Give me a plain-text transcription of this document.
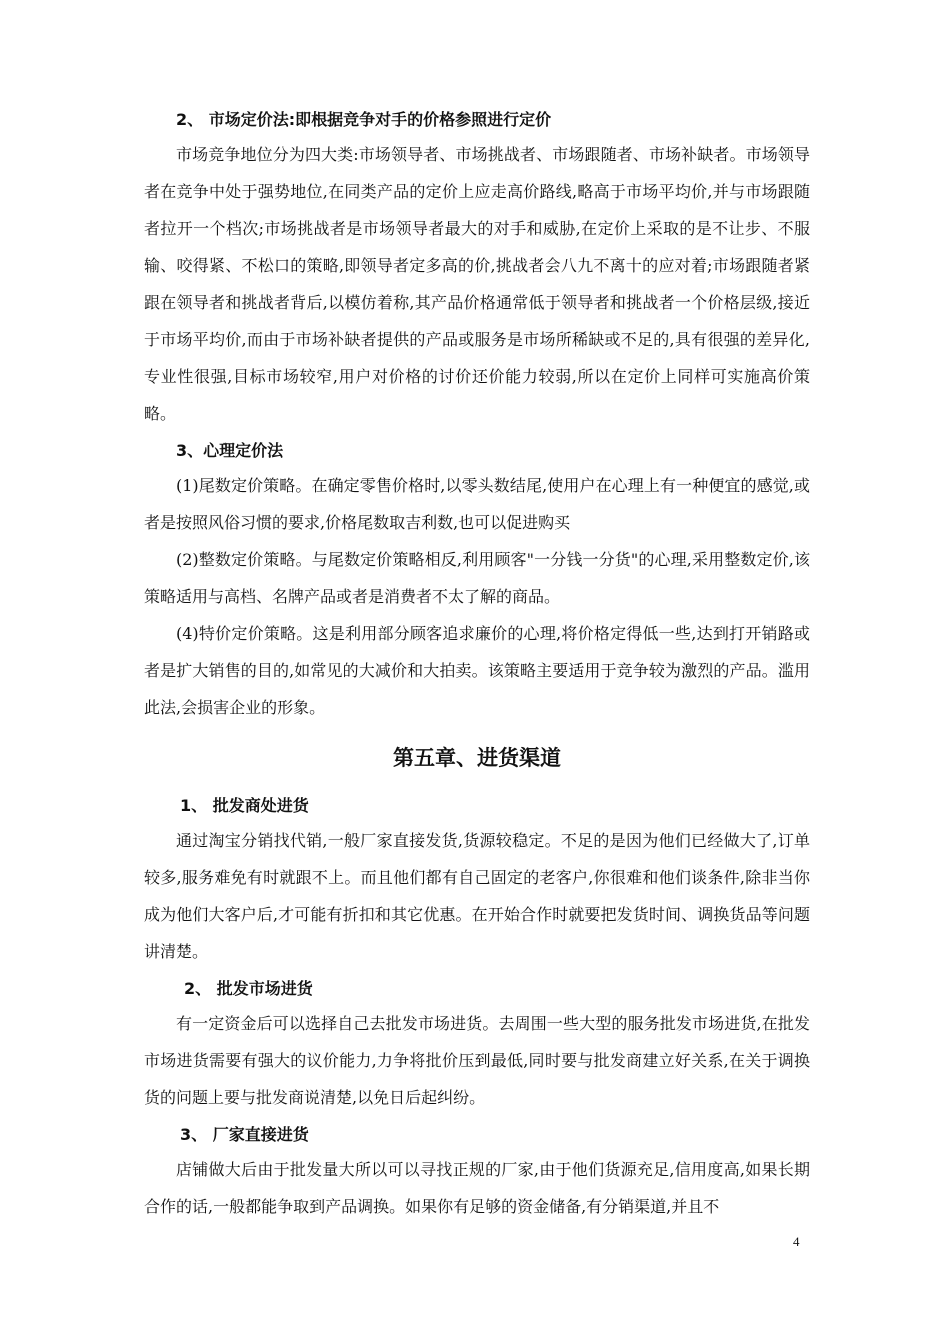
2、 市场定价法:即根据竞争对手的价格参照进行定价

市场竞争地位分为四大类:市场领导者、市场挑战者、市场跟随者、市场补缺者。市场领导者在竞争中处于强势地位,在同类产品的定价上应走高价路线,略高于市场平均价,并与市场跟随者拉开一个档次;市场挑战者是市场领导者最大的对手和威胁,在定价上采取的是不让步、不服输、咬得紧、不松口的策略,即领导者定多高的价,挑战者会八九不离十的应对着;市场跟随者紧跟在领导者和挑战者背后,以模仿着称,其产品价格通常低于领导者和挑战者一个价格层级,接近于市场平均价,而由于市场补缺者提供的产品或服务是市场所稀缺或不足的,具有很强的差异化,专业性很强,目标市场较窄,用户对价格的讨价还价能力较弱,所以在定价上同样可实施高价策略。

3、心理定价法

(1)尾数定价策略。在确定零售价格时,以零头数结尾,使用户在心理上有一种便宜的感觉,或者是按照风俗习惯的要求,价格尾数取吉利数,也可以促进购买

(2)整数定价策略。与尾数定价策略相反,利用顾客"一分钱一分货"的心理,采用整数定价,该策略适用与高档、名牌产品或者是消费者不太了解的商品。

(4)特价定价策略。这是利用部分顾客追求廉价的心理,将价格定得低一些,达到打开销路或者是扩大销售的目的,如常见的大减价和大拍卖。该策略主要适用于竞争较为激烈的产品。滥用此法,会损害企业的形象。

第五章、进货渠道
1、 批发商处进货

通过淘宝分销找代销,一般厂家直接发货,货源较稳定。不足的是因为他们已经做大了,订单较多,服务难免有时就跟不上。而且他们都有自己固定的老客户,你很难和他们谈条件,除非当你成为他们大客户后,才可能有折扣和其它优惠。在开始合作时就要把发货时间、调换货品等问题讲清楚。

2、 批发市场进货

有一定资金后可以选择自己去批发市场进货。去周围一些大型的服务批发市场进货,在批发市场进货需要有强大的议价能力,力争将批价压到最低,同时要与批发商建立好关系,在关于调换货的问题上要与批发商说清楚,以免日后起纠纷。

3、 厂家直接进货

店铺做大后由于批发量大所以可以寻找正规的厂家,由于他们货源充足,信用度高,如果长期合作的话,一般都能争取到产品调换。如果你有足够的资金储备,有分销渠道,并且不

4
